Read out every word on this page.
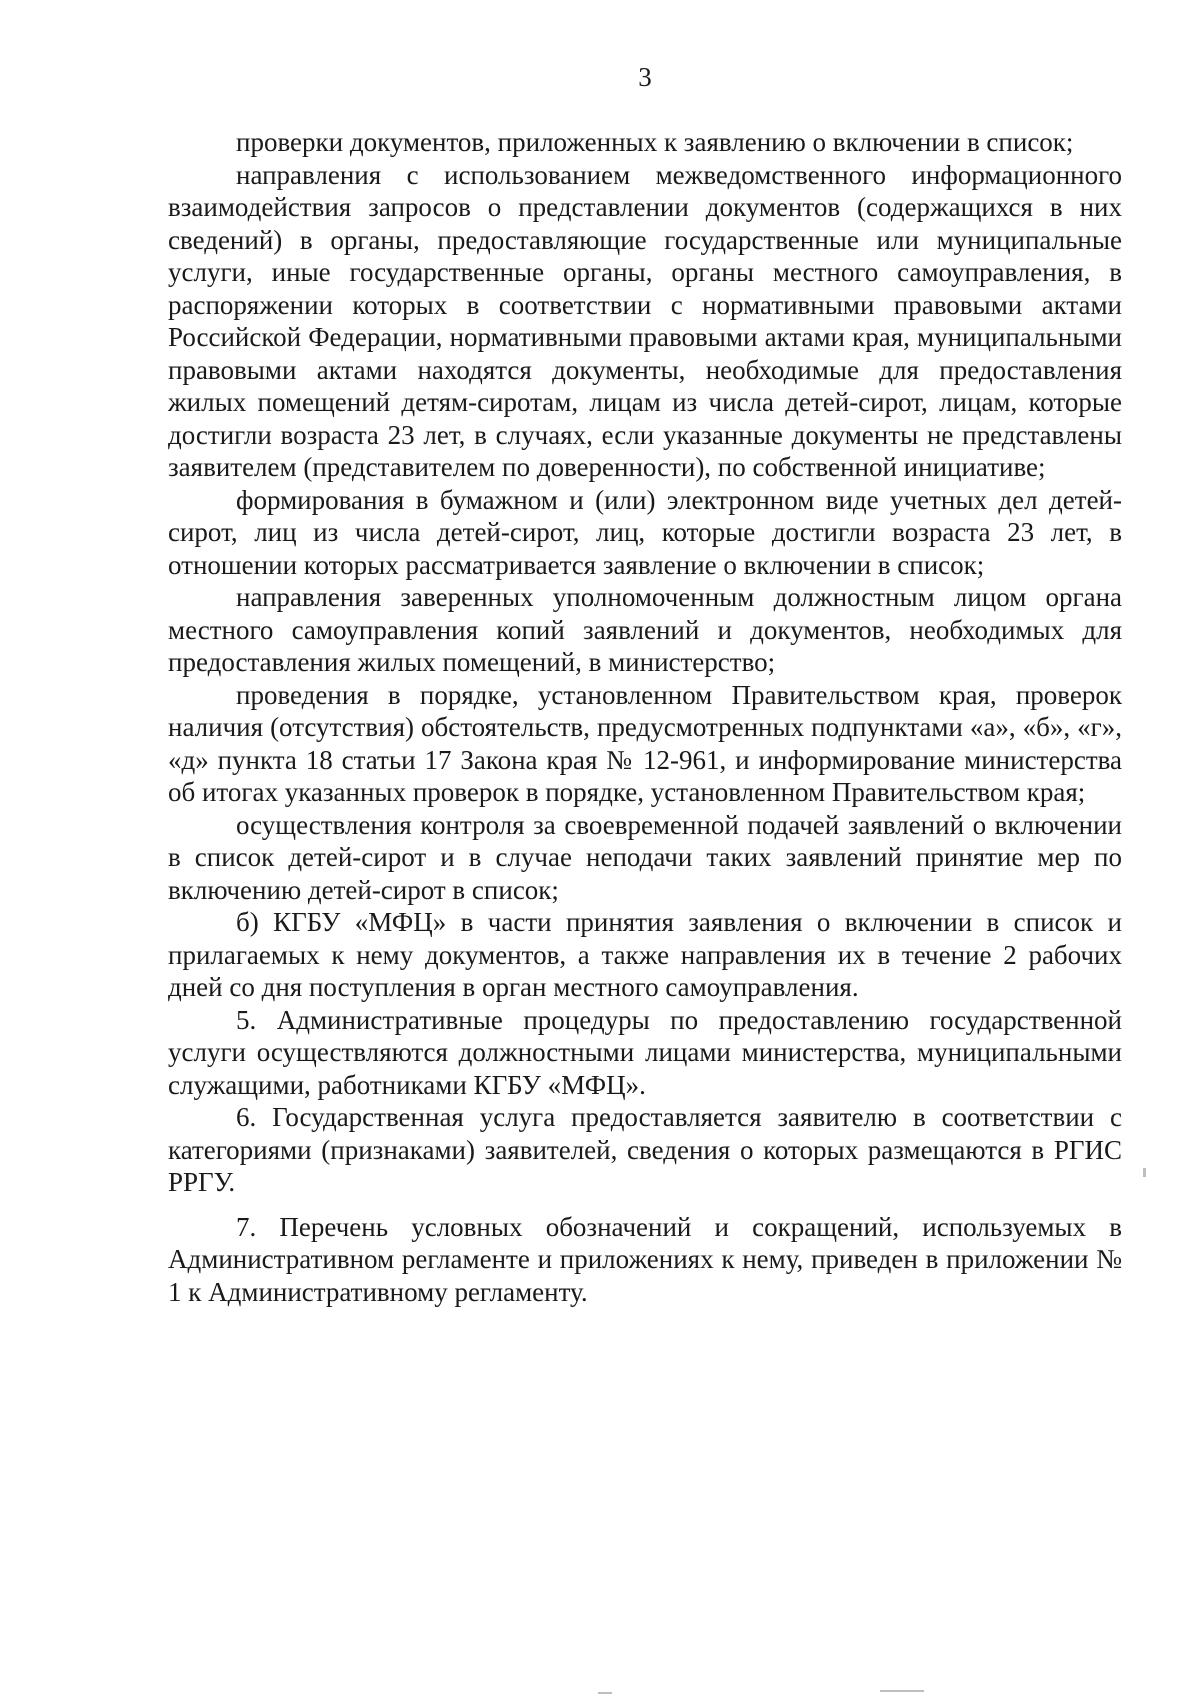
3

проверки документов, приложенных к заявлению о включении в список;

направления с использованием межведомственного информационного взаимодействия запросов о представлении документов (содержащихся в них сведений) в органы, предоставляющие государственные или муниципальные услуги, иные государственные органы, органы местного самоуправления, в распоряжении которых в соответствии с нормативными правовыми актами Российской Федерации, нормативными правовыми актами края, муниципальными правовыми актами находятся документы, необходимые для предоставления жилых помещений детям-сиротам, лицам из числа детей-сирот, лицам, которые достигли возраста 23 лет, в случаях, если указанные документы не представлены заявителем (представителем по доверенности), по собственной инициативе;

формирования в бумажном и (или) электронном виде учетных дел детей-сирот, лиц из числа детей-сирот, лиц, которые достигли возраста 23 лет, в отношении которых рассматривается заявление о включении в список;

направления заверенных уполномоченным должностным лицом органа местного самоуправления копий заявлений и документов, необходимых для предоставления жилых помещений, в министерство;

проведения в порядке, установленном Правительством края, проверок наличия (отсутствия) обстоятельств, предусмотренных подпунктами «а», «б», «г», «д» пункта 18 статьи 17 Закона края № 12-961, и информирование министерства об итогах указанных проверок в порядке, установленном Правительством края;

осуществления контроля за своевременной подачей заявлений о включении в список детей-сирот и в случае неподачи таких заявлений принятие мер по включению детей-сирот в список;

б) КГБУ «МФЦ» в части принятия заявления о включении в список и прилагаемых к нему документов, а также направления их в течение 2 рабочих дней со дня поступления в орган местного самоуправления.

5. Административные процедуры по предоставлению государственной услуги осуществляются должностными лицами министерства, муниципальными служащими, работниками КГБУ «МФЦ».

6. Государственная услуга предоставляется заявителю в соответствии с категориями (признаками) заявителей, сведения о которых размещаются в РГИС РРГУ.

7. Перечень условных обозначений и сокращений, используемых в Административном регламенте и приложениях к нему, приведен в приложении № 1 к Административному регламенту.
